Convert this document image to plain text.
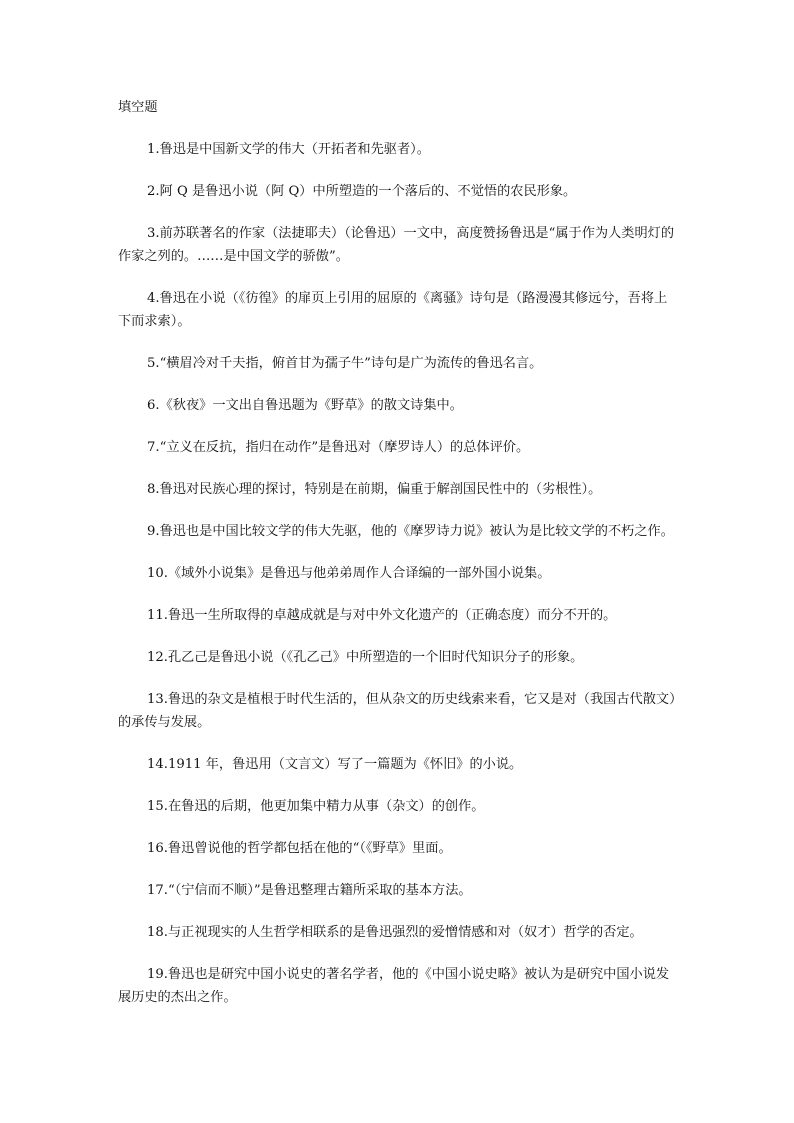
填空题

1.鲁迅是中国新文学的伟大（开拓者和先驱者）。

2.阿 Q 是鲁迅小说（阿 Q）中所塑造的一个落后的、不觉悟的农民形象。

3.前苏联著名的作家（法捷耶夫）（论鲁迅）一文中，高度赞扬鲁迅是“属于作为人类明灯的作家之列的。……是中国文学的骄傲”。

4.鲁迅在小说（《彷徨》的扉页上引用的屈原的《离骚》诗句是（路漫漫其修远兮，吾将上下而求索）。

5.“横眉冷对千夫指，俯首甘为孺子牛”诗句是广为流传的鲁迅名言。

6.《秋夜》一文出自鲁迅题为《野草》的散文诗集中。

7.“立义在反抗，指归在动作”是鲁迅对（摩罗诗人）的总体评价。

8.鲁迅对民族心理的探讨，特别是在前期，偏重于解剖国民性中的（劣根性）。

9.鲁迅也是中国比较文学的伟大先驱，他的《摩罗诗力说》被认为是比较文学的不朽之作。

10.《域外小说集》是鲁迅与他弟弟周作人合译编的一部外国小说集。

11.鲁迅一生所取得的卓越成就是与对中外文化遗产的（正确态度）而分不开的。

12.孔乙己是鲁迅小说（《孔乙己》中所塑造的一个旧时代知识分子的形象。

13.鲁迅的杂文是植根于时代生活的，但从杂文的历史线索来看，它又是对（我国古代散文）的承传与发展。

14.1911 年，鲁迅用（文言文）写了一篇题为《怀旧》的小说。

15.在鲁迅的后期，他更加集中精力从事（杂文）的创作。

16.鲁迅曾说他的哲学都包括在他的“（《野草》里面。

17.“（宁信而不顺）”是鲁迅整理古籍所采取的基本方法。

18.与正视现实的人生哲学相联系的是鲁迅强烈的爱憎情感和对（奴才）哲学的否定。

19.鲁迅也是研究中国小说史的著名学者，他的《中国小说史略》被认为是研究中国小说发展历史的杰出之作。
